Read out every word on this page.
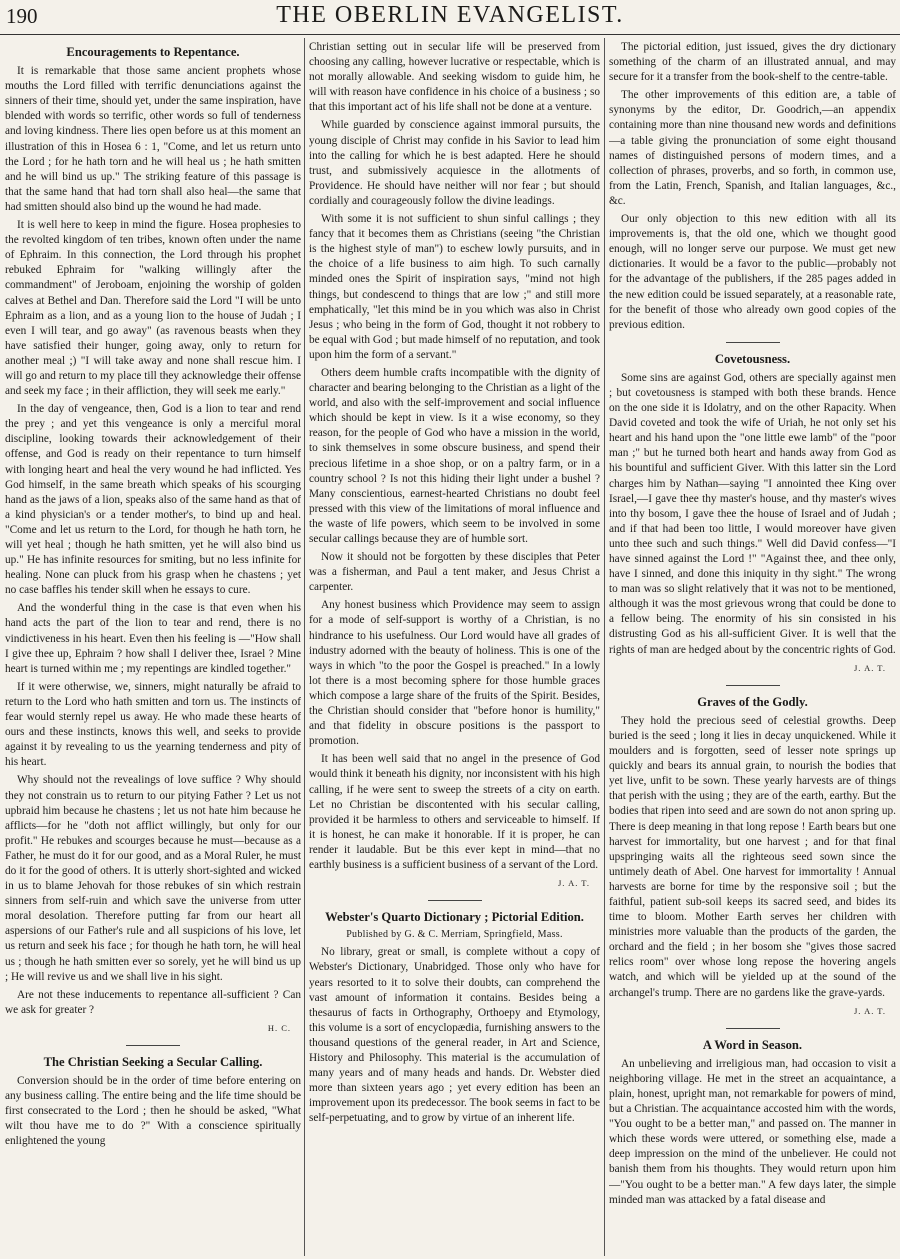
190	THE OBERLIN EVANGELIST.
Encouragements to Repentance.

It is remarkable that those same ancient prophets whose mouths the Lord filled with terrific denunciations against the sinners of their time, should yet, under the same inspiration, have blended with words so terrific, other words so full of tenderness and loving kindness. There lies open before us at this moment an illustration of this in Hosea 6 : 1, "Come, and let us return unto the Lord ; for he hath torn and he will heal us ; he hath smitten and he will bind us up." The striking feature of this passage is that the same hand that had torn shall also heal—the same that had smitten should also bind up the wound he had made.

It is well here to keep in mind the figure. Hosea prophesies to the revolted kingdom of ten tribes, known often under the name of Ephraim. In this connection, the Lord through his prophet rebuked Ephraim for "walking willingly after the commandment" of Jeroboam, enjoining the worship of golden calves at Bethel and Dan. Therefore said the Lord "I will be unto Ephraim as a lion, and as a young lion to the house of Judah ; I even I will tear, and go away" (as ravenous beasts when they have satisfied their hunger, going away, only to return for another meal ;) "I will take away and none shall rescue him. I will go and return to my place till they acknowledge their offense and seek my face ; in their affliction, they will seek me early."

In the day of vengeance, then, God is a lion to tear and rend the prey ; and yet this vengeance is only a merciful moral discipline, looking towards their acknowledgement of their offense, and God is ready on their repentance to turn himself with longing heart and heal the very wound he had inflicted. Yes God himself, in the same breath which speaks of his scourging hand as the jaws of a lion, speaks also of the same hand as that of a kind physician's or a tender mother's, to bind up and heal. "Come and let us return to the Lord, for though he hath torn, he will yet heal ; though he hath smitten, yet he will also bind us up." He has infinite resources for smiting, but no less infinite for healing. None can pluck from his grasp when he chastens ; yet no case baffles his tender skill when he essays to cure.

And the wonderful thing in the case is that even when his hand acts the part of the lion to tear and rend, there is no vindictiveness in his heart. Even then his feeling is —"How shall I give thee up, Ephraim ? how shall I deliver thee, Israel ? Mine heart is turned within me ; my repentings are kindled together."

If it were otherwise, we, sinners, might naturally be afraid to return to the Lord who hath smitten and torn us. The instincts of fear would sternly repel us away. He who made these hearts of ours and these instincts, knows this well, and seeks to provide against it by revealing to us the yearning tenderness and pity of his heart.

Why should not the revealings of love suffice ? Why should they not constrain us to return to our pitying Father ? Let us not upbraid him because he chastens ; let us not hate him because he afflicts—for he "doth not afflict willingly, but only for our profit." He rebukes and scourges because he must—because as a Father, he must do it for our good, and as a Moral Ruler, he must do it for the good of others. It is utterly short-sighted and wicked in us to blame Jehovah for those rebukes of sin which restrain sinners from self-ruin and which save the universe from utter moral desolation. Therefore putting far from our heart all aspersions of our Father's rule and all suspicions of his love, let us return and seek his face ; for though he hath torn, he will heal us ; though he hath smitten ever so sorely, yet he will bind us up ; He will revive us and we shall live in his sight.

Are not these inducements to repentance all-sufficient ? Can we ask for greater ?

H. C.
The Christian Seeking a Secular Calling.

Conversion should be in the order of time before entering on any business calling. The entire being and the life time should be first consecrated to the Lord ; then he should be asked, "What wilt thou have me to do ?" With a conscience spiritually enlightened the young

Christian setting out in secular life will be preserved from choosing any calling, however lucrative or respectable, which is not morally allowable. And seeking wisdom to guide him, he will with reason have confidence in his choice of a business ; so that this important act of his life shall not be done at a venture.

While guarded by conscience against immoral pursuits, the young disciple of Christ may confide in his Savior to lead him into the calling for which he is best adapted. Here he should trust, and submissively acquiesce in the allotments of Providence. He should have neither will nor fear ; but should cordially and courageously follow the divine leadings.

With some it is not sufficient to shun sinful callings ; they fancy that it becomes them as Christians (seeing "the Christian is the highest style of man") to eschew lowly pursuits, and in the choice of a life business to aim high. To such carnally minded ones the Spirit of inspiration says, "mind not high things, but condescend to things that are low ;" and still more emphatically, "let this mind be in you which was also in Christ Jesus ; who being in the form of God, thought it not robbery to be equal with God ; but made himself of no reputation, and took upon him the form of a servant."

Others deem humble crafts incompatible with the dignity of character and bearing belonging to the Christian as a light of the world, and also with the self-improvement and social influence which should be kept in view. Is it a wise economy, so they reason, for the people of God who have a mission in the world, to sink themselves in some obscure business, and spend their precious lifetime in a shoe shop, or on a paltry farm, or in a country school ? Is not this hiding their light under a bushel ? Many conscientious, earnest-hearted Christians no doubt feel pressed with this view of the limitations of moral influence and the waste of life powers, which seem to be involved in some secular callings because they are of humble sort.

Now it should not be forgotten by these disciples that Peter was a fisherman, and Paul a tent maker, and Jesus Christ a carpenter.

Any honest business which Providence may seem to assign for a mode of self-support is worthy of a Christian, is no hindrance to his usefulness. Our Lord would have all grades of industry adorned with the beauty of holiness. This is one of the ways in which "to the poor the Gospel is preached." In a lowly lot there is a most becoming sphere for those humble graces which compose a large share of the fruits of the Spirit. Besides, the Christian should consider that "before honor is humility," and that fidelity in obscure positions is the passport to promotion.

It has been well said that no angel in the presence of God would think it beneath his dignity, nor inconsistent with his high calling, if he were sent to sweep the streets of a city on earth. Let no Christian be discontented with his secular calling, provided it be harmless to others and serviceable to himself. If it is honest, he can make it honorable. If it is proper, he can render it laudable. But be this ever kept in mind—that no earthly business is a sufficient business of a servant of the Lord.

J. A. T.
Webster's Quarto Dictionary ; Pictorial Edition.
Published by G. & C. Merriam, Springfield, Mass.

No library, great or small, is complete without a copy of Webster's Dictionary, Unabridged. Those only who have for years resorted to it to solve their doubts, can comprehend the vast amount of information it contains. Besides being a thesaurus of facts in Orthography, Orthoepy and Etymology, this volume is a sort of encyclopædia, furnishing answers to the thousand questions of the general reader, in Art and Science, History and Philosophy. This material is the accumulation of many years and of many heads and hands. Dr. Webster died more than sixteen years ago ; yet every edition has been an improvement upon its predecessor. The book seems in fact to be self-perpetuating, and to grow by virtue of an inherent life.

The pictorial edition, just issued, gives the dry dictionary something of the charm of an illustrated annual, and may secure for it a transfer from the book-shelf to the centre-table.

The other improvements of this edition are, a table of synonyms by the editor, Dr. Goodrich,—an appendix containing more than nine thousand new words and definitions—a table giving the pronunciation of some eight thousand names of distinguished persons of modern times, and a collection of phrases, proverbs, and so forth, in common use, from the Latin, French, Spanish, and Italian languages, &c., &c.

Our only objection to this new edition with all its improvements is, that the old one, which we thought good enough, will no longer serve our purpose. We must get new dictionaries. It would be a favor to the public—probably not for the advantage of the publishers, if the 285 pages added in the new edition could be issued separately, at a reasonable rate, for the benefit of those who already own good copies of the previous edition.

Covetousness.

Some sins are against God, others are specially against men ; but covetousness is stamped with both these brands. Hence on the one side it is Idolatry, and on the other Rapacity. When David coveted and took the wife of Uriah, he not only set his heart and his hand upon the "one little ewe lamb" of the "poor man ;" but he turned both heart and hands away from God as his bountiful and sufficient Giver. With this latter sin the Lord charges him by Nathan—saying "I annointed thee King over Israel,—I gave thee thy master's house, and thy master's wives into thy bosom, I gave thee the house of Israel and of Judah ; and if that had been too little, I would moreover have given unto thee such and such things." Well did David confess—"I have sinned against the Lord !" "Against thee, and thee only, have I sinned, and done this iniquity in thy sight." The wrong to man was so slight relatively that it was not to be mentioned, although it was the most grievous wrong that could be done to a fellow being. The enormity of his sin consisted in his distrusting God as his all-sufficient Giver. It is well that the rights of man are hedged about by the concentric rights of God.

J. A. T.
Graves of the Godly.

They hold the precious seed of celestial growths. Deep buried is the seed ; long it lies in decay unquickened. While it moulders and is forgotten, seed of lesser note springs up quickly and bears its annual grain, to nourish the bodies that yet live, unfit to be sown. These yearly harvests are of things that perish with the using ; they are of the earth, earthy. But the bodies that ripen into seed and are sown do not anon spring up. There is deep meaning in that long repose ! Earth bears but one harvest for immortality, but one harvest ; and for that final upspringing waits all the righteous seed sown since the untimely death of Abel. One harvest for immortality ! Annual harvests are borne for time by the responsive soil ; but the faithful, patient sub-soil keeps its sacred seed, and bides its time to bloom. Mother Earth serves her children with ministries more valuable than the products of the garden, the orchard and the field ; in her bosom she "gives those sacred relics room" over whose long repose the hovering angels watch, and which will be yielded up at the sound of the archangel's trump. There are no gardens like the grave-yards.

J. A. T.
A Word in Season.

An unbelieving and irreligious man, had occasion to visit a neighboring village. He met in the street an acquaintance, a plain, honest, upright man, not remarkable for powers of mind, but a Christian. The acquaintance accosted him with the words, "You ought to be a better man," and passed on. The manner in which these words were uttered, or something else, made a deep impression on the mind of the unbeliever. He could not banish them from his thoughts. They would return upon him—"You ought to be a better man." A few days later, the simple minded man was attacked by a fatal disease and
